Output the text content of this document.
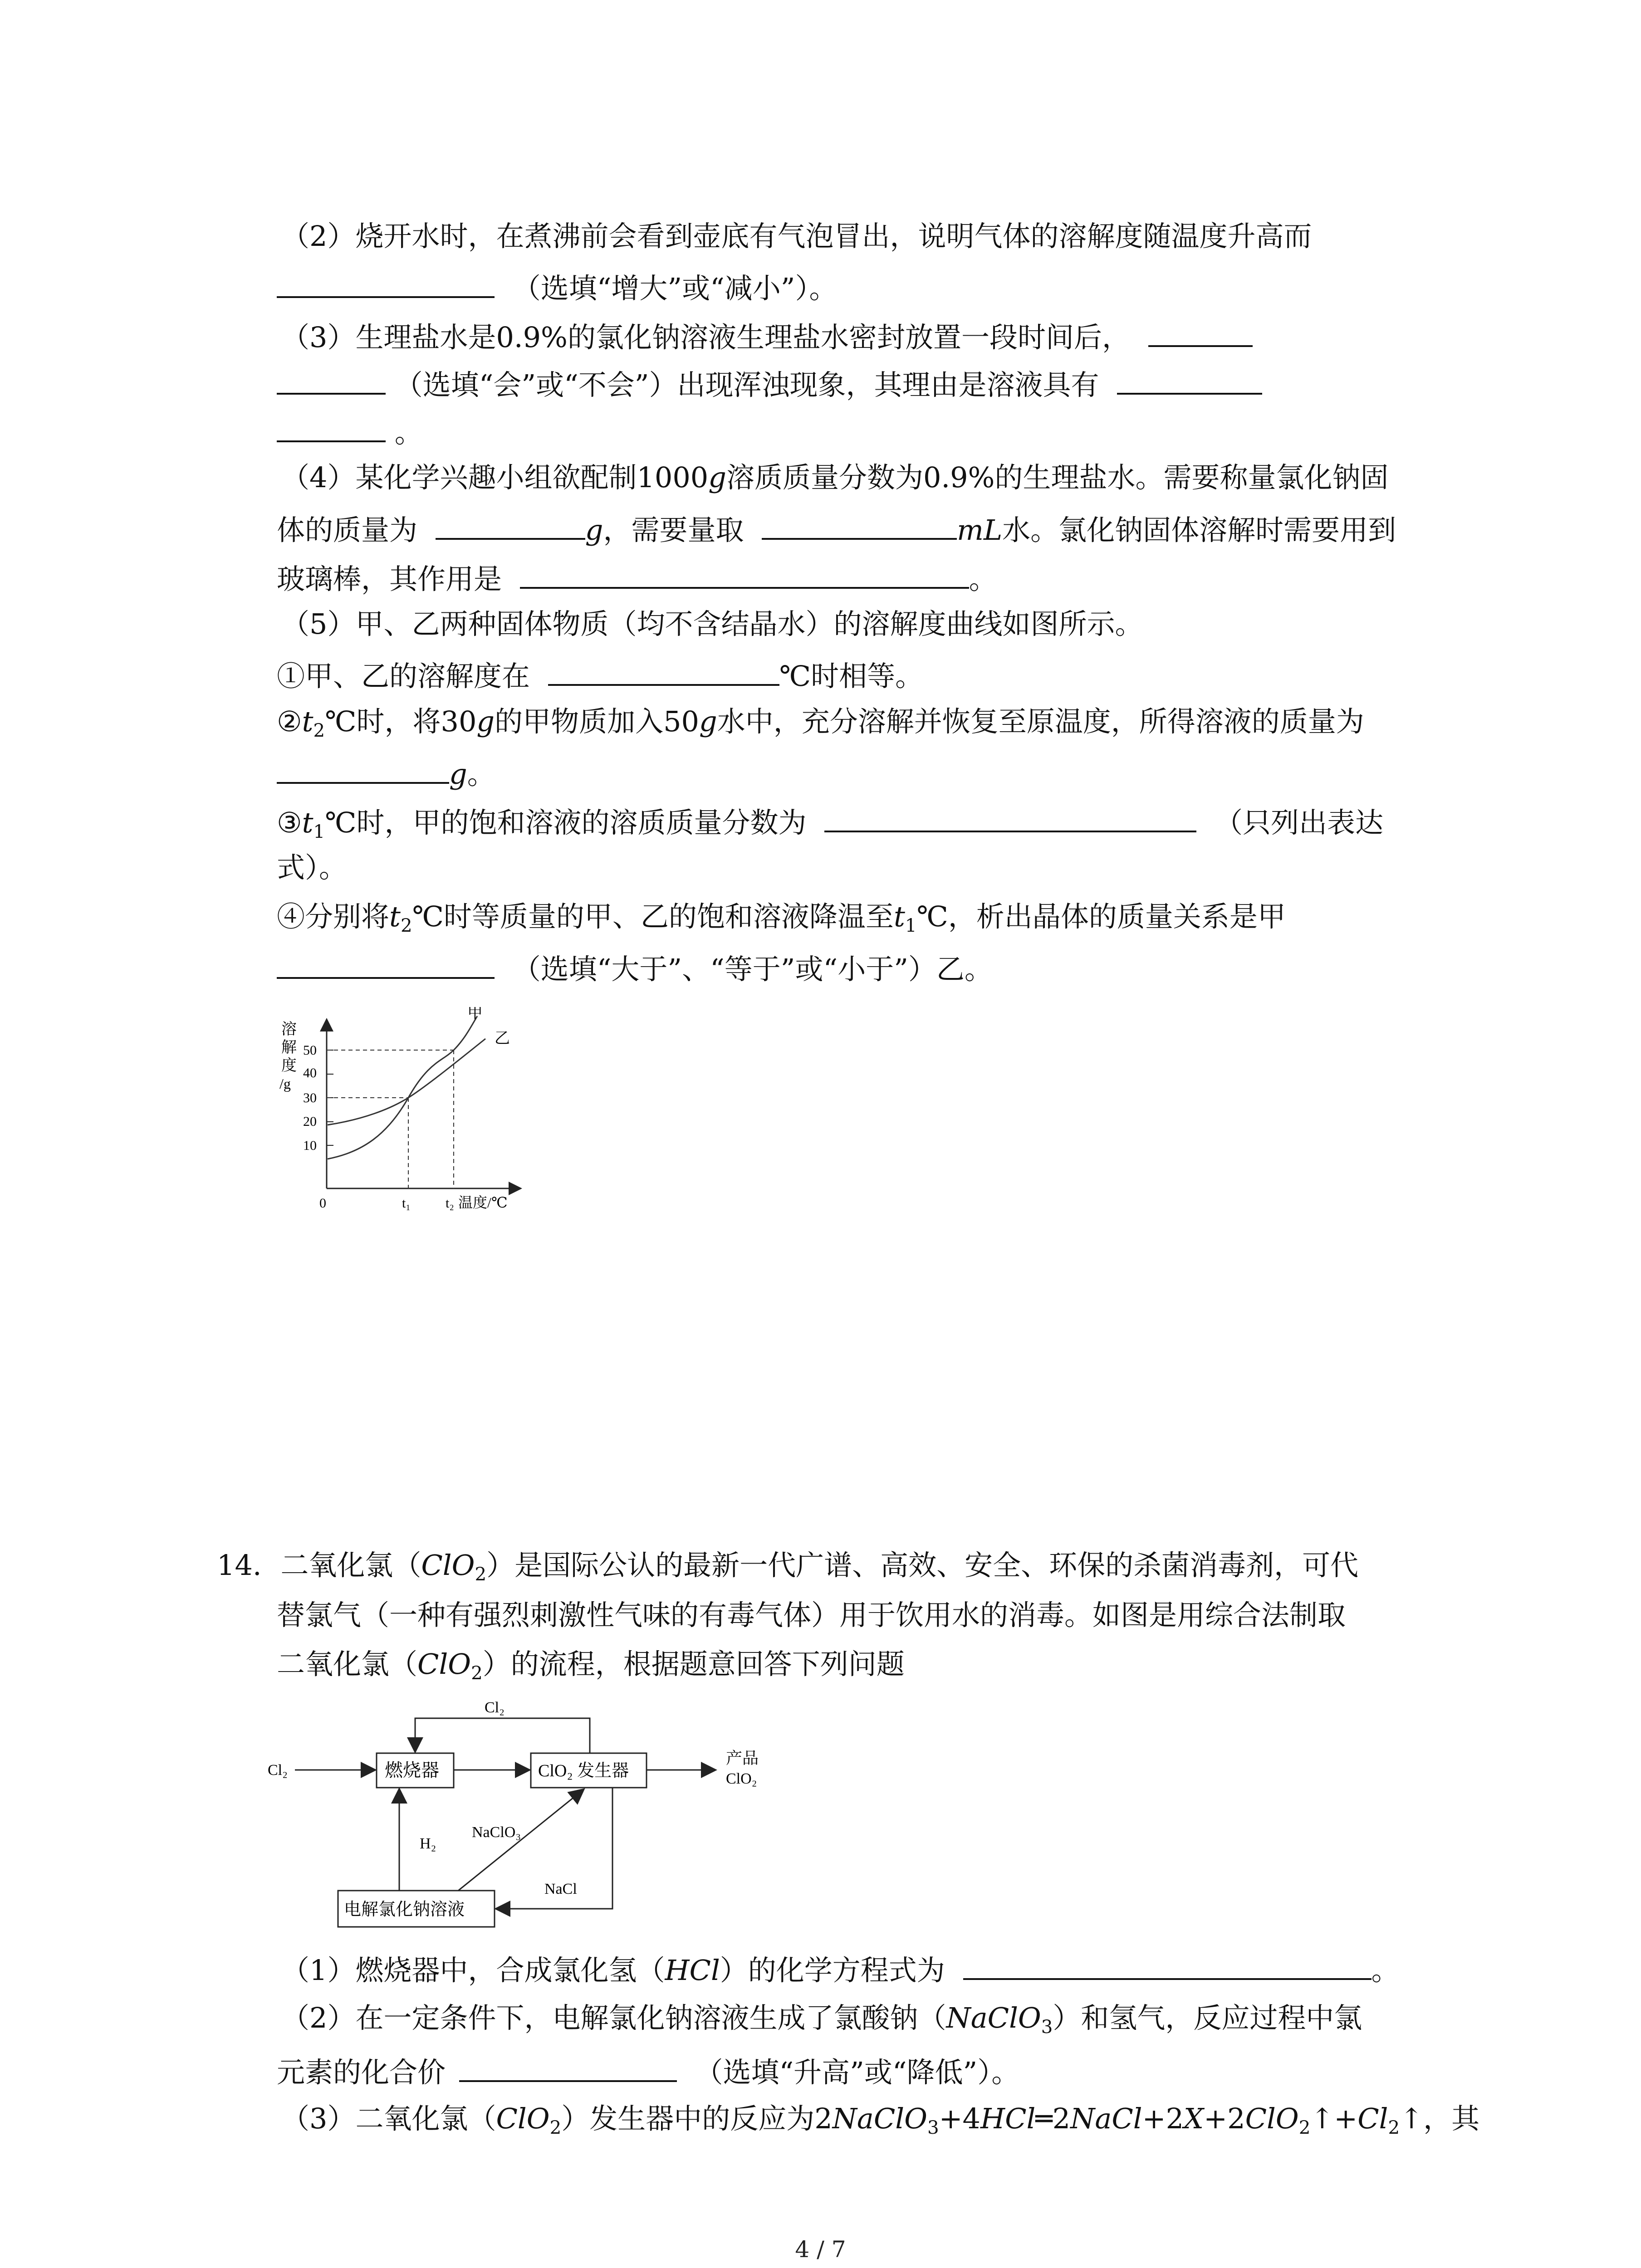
（2）烧开水时，在煮沸前会看到壶底有气泡冒出，说明气体的溶解度随温度升高而
（选填“增大”或“减小”）。
（3）生理盐水是0.9%的氯化钠溶液生理盐水密封放置一段时间后，
（选填“会”或“不会”）出现浑浊现象，其理由是溶液具有
。
（4）某化学兴趣小组欲配制1000g溶质质量分数为0.9%的生理盐水。需要称量氯化钠固
体的质量为	g，需要量取	mL水。氯化钠固体溶解时需要用到
玻璃棒，其作用是	。
（5）甲、乙两种固体物质（均不含结晶水）的溶解度曲线如图所示。
①甲、乙的溶解度在	℃时相等。
$②t_2℃$时，将30g的甲物质加入50g水中，充分溶解并恢复至原温度，所得溶液的质量为
g。
$③t_1℃$时，甲的饱和溶液的溶质质量分数为	（只列出表达
式）。
④分别将$t_2℃$时等质量的甲、乙的饱和溶液降温至$t_1℃$，析出晶体的质量关系是甲
（选填“大于”、“等于”或“小于”）乙。
溶
解
度
/g
50
40
30
20
10
甲
乙
0	t₁	t₂ 温度/℃
14. 二氧化氯（ClO$_2$）是国际公认的最新一代广谱、高效、安全、环保的杀菌消毒剂，可代
替氯气（一种有强烈刺激性气味的有毒气体）用于饮用水的消毒。如图是用综合法制取
二氧化氯（ClO$_2$）的流程，根据题意回答下列问题
Cl₂	燃烧器	ClO₂ 发生器
Cl₂
产品
ClO₂
电解氯化钠溶液
H₂
NaClO₃
NaCl
（1）燃烧器中，合成氯化氢（HCl）的化学方程式为	。
（2）在一定条件下，电解氯化钠溶液生成了氯酸钠（NaClO$_3$）和氢气，反应过程中氯
元素的化合价	（选填“升高”或“降低”）。
（3）二氧化氯（ClO$_2$）发生器中的反应为$2NaClO_3+4HCl═2NaCl+2X+2ClO_2↑+Cl_2↑$，其
4 / 7
